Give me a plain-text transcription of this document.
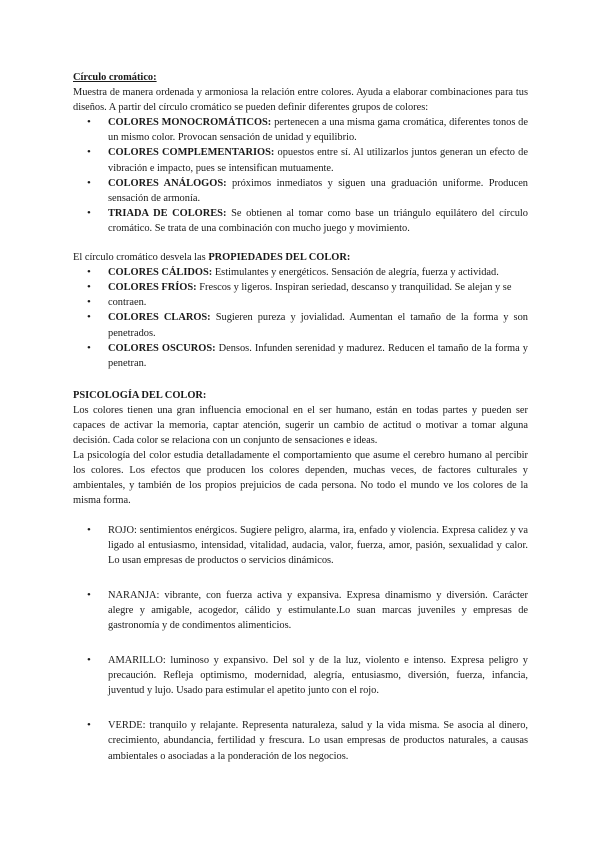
Círculo cromático:

Muestra de manera ordenada y armoniosa la relación entre colores. Ayuda a elaborar combinaciones para tus diseños. A partir del círculo cromático se pueden definir diferentes grupos de colores:

• COLORES MONOCROMÁTICOS: pertenecen a una misma gama cromática, diferentes tonos de un mismo color. Provocan sensación de unidad y equilibrio.
• COLORES COMPLEMENTARIOS: opuestos entre sí. Al utilizarlos juntos generan un efecto de vibración e impacto, pues se intensifican mutuamente.
• COLORES ANÁLOGOS: próximos inmediatos y siguen una graduación uniforme. Producen sensación de armonía.
• TRIADA DE COLORES: Se obtienen al tomar como base un triángulo equilátero del círculo cromático. Se trata de una combinación con mucho juego y movimiento.

El círculo cromático desvela las PROPIEDADES DEL COLOR:

• COLORES CÁLIDOS: Estimulantes y energéticos. Sensación de alegría, fuerza y actividad.
• COLORES FRÍOS: Frescos y ligeros. Inspiran seriedad, descanso y tranquilidad. Se alejan y se
• contraen.
• COLORES CLAROS: Sugieren pureza y jovialidad. Aumentan el tamaño de la forma y son penetrados.
• COLORES OSCUROS: Densos. Infunden serenidad y madurez. Reducen el tamaño de la forma y penetran.

PSICOLOGÍA DEL COLOR:

Los colores tienen una gran influencia emocional en el ser humano, están en todas partes y pueden ser capaces de activar la memoria, captar atención, sugerir un cambio de actitud o motivar a tomar alguna decisión. Cada color se relaciona con un conjunto de sensaciones e ideas.

La psicología del color estudia detalladamente el comportamiento que asume el cerebro humano al percibir los colores. Los efectos que producen los colores dependen, muchas veces, de factores culturales y ambientales, y también de los propios prejuicios de cada persona. No todo el mundo ve los colores de la misma forma.

• ROJO: sentimientos enérgicos. Sugiere peligro, alarma, ira, enfado y violencia. Expresa calidez y va ligado al entusiasmo, intensidad, vitalidad, audacia, valor, fuerza, amor, pasión, sexualidad y calor. Lo usan empresas de productos o servicios dinámicos.
• NARANJA: vibrante, con fuerza activa y expansiva. Expresa dinamismo y diversión. Carácter alegre y amigable, acogedor, cálido y estimulante.Lo suan marcas juveniles y empresas de gastronomía y de condimentos alimenticios.
• AMARILLO: luminoso y expansivo. Del sol y de la luz, violento e intenso. Expresa peligro y precaución. Refleja optimismo, modernidad, alegría, entusiasmo, diversión, fuerza, infancia, juventud y lujo. Usado para estimular el apetito junto con el rojo.
• VERDE: tranquilo y relajante. Representa naturaleza, salud y la vida misma. Se asocia al dinero, crecimiento, abundancia, fertilidad y frescura. Lo usan empresas de productos naturales, a causas ambientales o asociadas a la ponderación de los negocios.
